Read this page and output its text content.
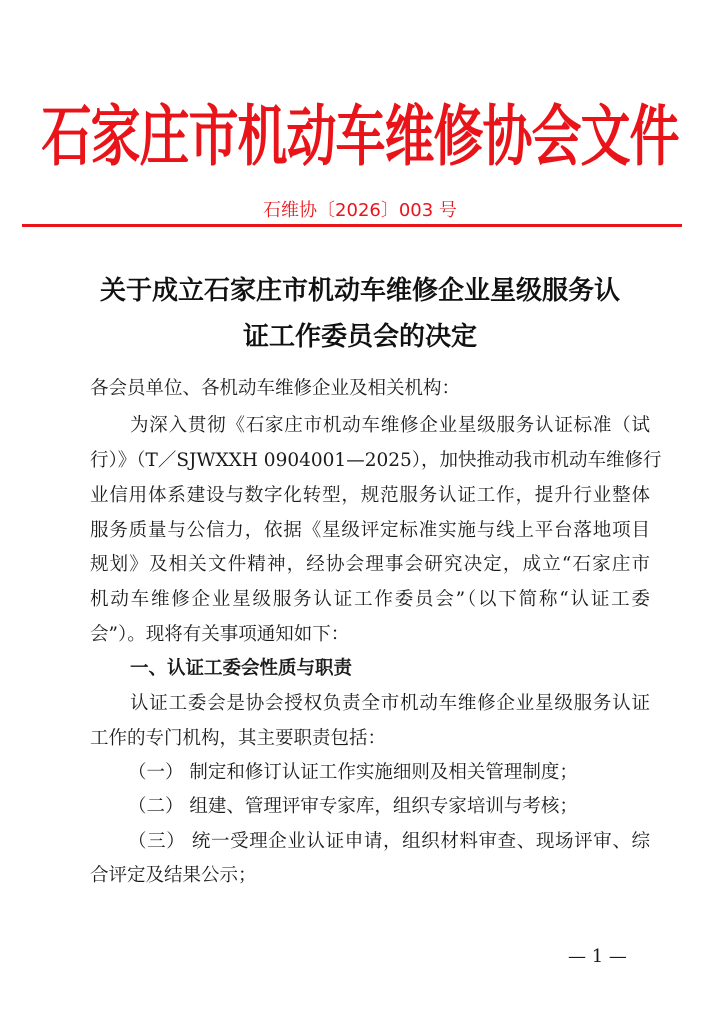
石家庄市机动车维修协会文件
石维协〔2026〕003 号
关于成立石家庄市机动车维修企业星级服务认
证工作委员会的决定
各会员单位、各机动车维修企业及相关机构：
为深入贯彻《石家庄市机动车维修企业星级服务认证标准（试
行）》（T／SJWXXH 0904001—2025），加快推动我市机动车维修行
业信用体系建设与数字化转型，规范服务认证工作，提升行业整体
服务质量与公信力，依据《星级评定标准实施与线上平台落地项目
规划》及相关文件精神，经协会理事会研究决定，成立“石家庄市
机动车维修企业星级服务认证工作委员会”（以下简称“认证工委
会”）。现将有关事项通知如下：
一、认证工委会性质与职责
认证工委会是协会授权负责全市机动车维修企业星级服务认证
工作的专门机构，其主要职责包括：
（一） 制定和修订认证工作实施细则及相关管理制度；
（二） 组建、管理评审专家库，组织专家培训与考核；
（三） 统一受理企业认证申请，组织材料审查、现场评审、综
合评定及结果公示；
— 1 —
